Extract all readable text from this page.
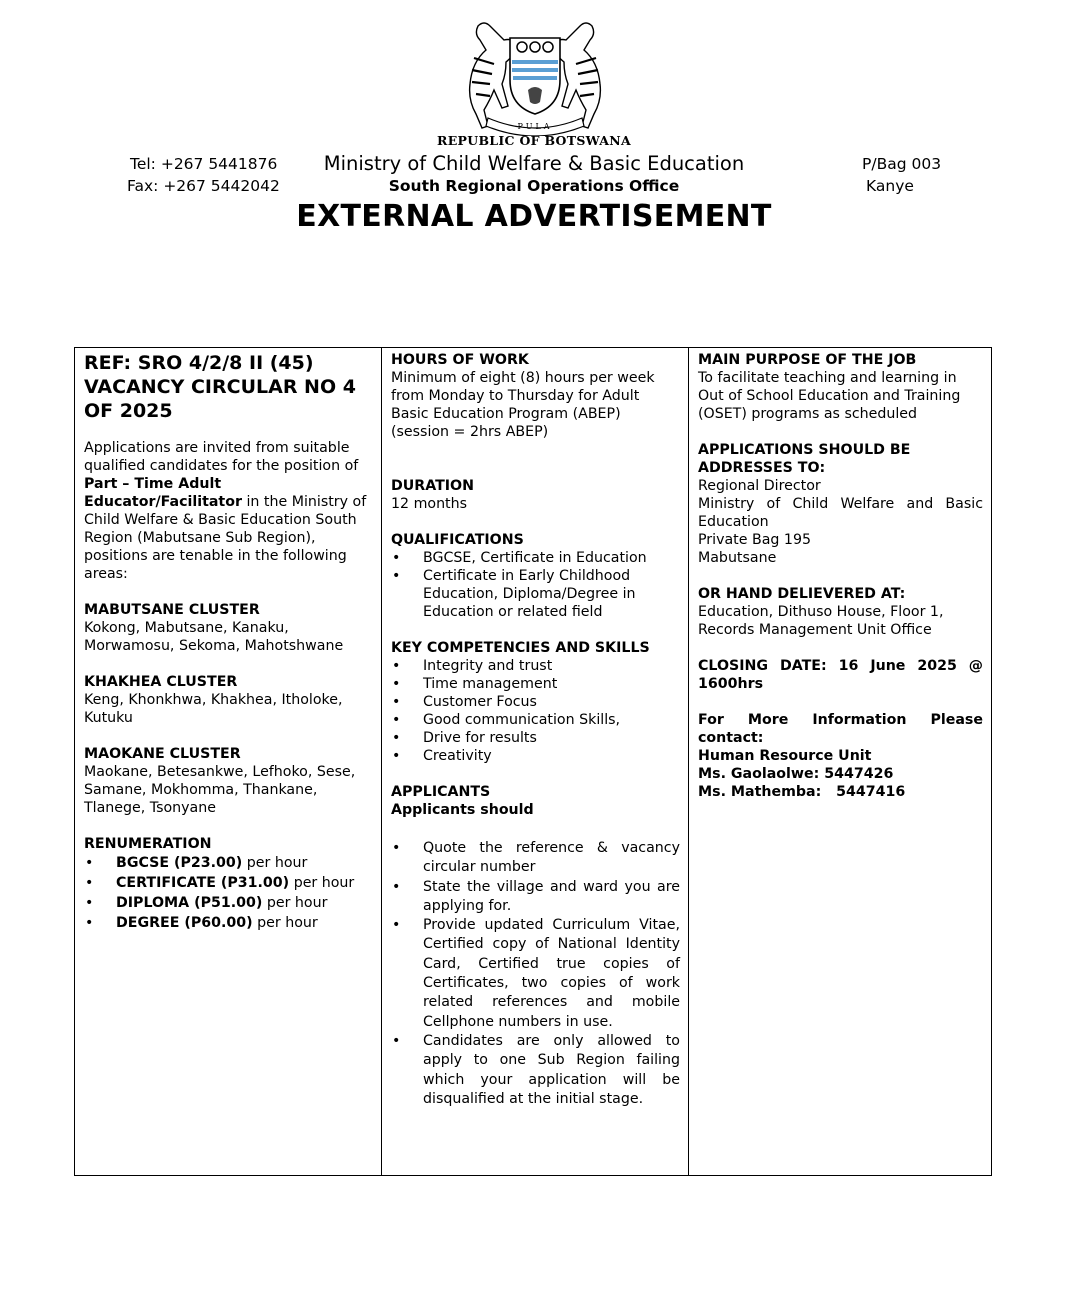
PULA
REPUBLIC OF BOTSWANA
Tel: +267 5441876
Fax: +267 5442042
Ministry of Child Welfare & Basic Education
South Regional Operations Office
P/Bag 003
Kanye
EXTERNAL ADVERTISEMENT
REF: SRO 4/2/8 II (45) VACANCY CIRCULAR NO 4 OF 2025
Applications are invited from suitable qualified candidates for the position of Part – Time Adult Educator/Facilitator in the Ministry of Child Welfare & Basic Education South Region (Mabutsane Sub Region), positions are tenable in the following areas:
MABUTSANE CLUSTER
Kokong, Mabutsane, Kanaku, Morwamosu, Sekoma, Mahotshwane
KHAKHEA CLUSTER
Keng, Khonkhwa, Khakhea, Itholoke, Kutuku
MAOKANE CLUSTER
Maokane, Betesankwe, Lefhoko, Sese, Samane, Mokhomma, Thankane, Tlanege, Tsonyane
RENUMERATION
• BGCSE (P23.00) per hour
• CERTIFICATE (P31.00) per hour
• DIPLOMA (P51.00) per hour
• DEGREE (P60.00) per hour
HOURS OF WORK
Minimum of eight (8) hours per week from Monday to Thursday for Adult Basic Education Program (ABEP) (session = 2hrs ABEP)
DURATION
12 months
QUALIFICATIONS
• BGCSE, Certificate in Education
• Certificate in Early Childhood Education, Diploma/Degree in Education or related field
KEY COMPETENCIES AND SKILLS
• Integrity and trust
• Time management
• Customer Focus
• Good communication Skills,
• Drive for results
• Creativity
APPLICANTS
Applicants should
• Quote the reference & vacancy circular number
• State the village and ward you are applying for.
• Provide updated Curriculum Vitae, Certified copy of National Identity Card, Certified true copies of Certificates, two copies of work related references and mobile Cellphone numbers in use.
• Candidates are only allowed to apply to one Sub Region failing which your application will be disqualified at the initial stage.
MAIN PURPOSE OF THE JOB
To facilitate teaching and learning in Out of School Education and Training (OSET) programs as scheduled
APPLICATIONS SHOULD BE ADDRESSES TO:
Regional Director
Ministry of Child Welfare and Basic Education
Private Bag 195
Mabutsane
OR HAND DELIEVERED AT:
Education, Dithuso House, Floor 1, Records Management Unit Office
CLOSING DATE: 16 June 2025 @ 1600hrs
For More Information Please contact:
Human Resource Unit
Ms. Gaolaolwe: 5447426
Ms. Mathemba:   5447416
